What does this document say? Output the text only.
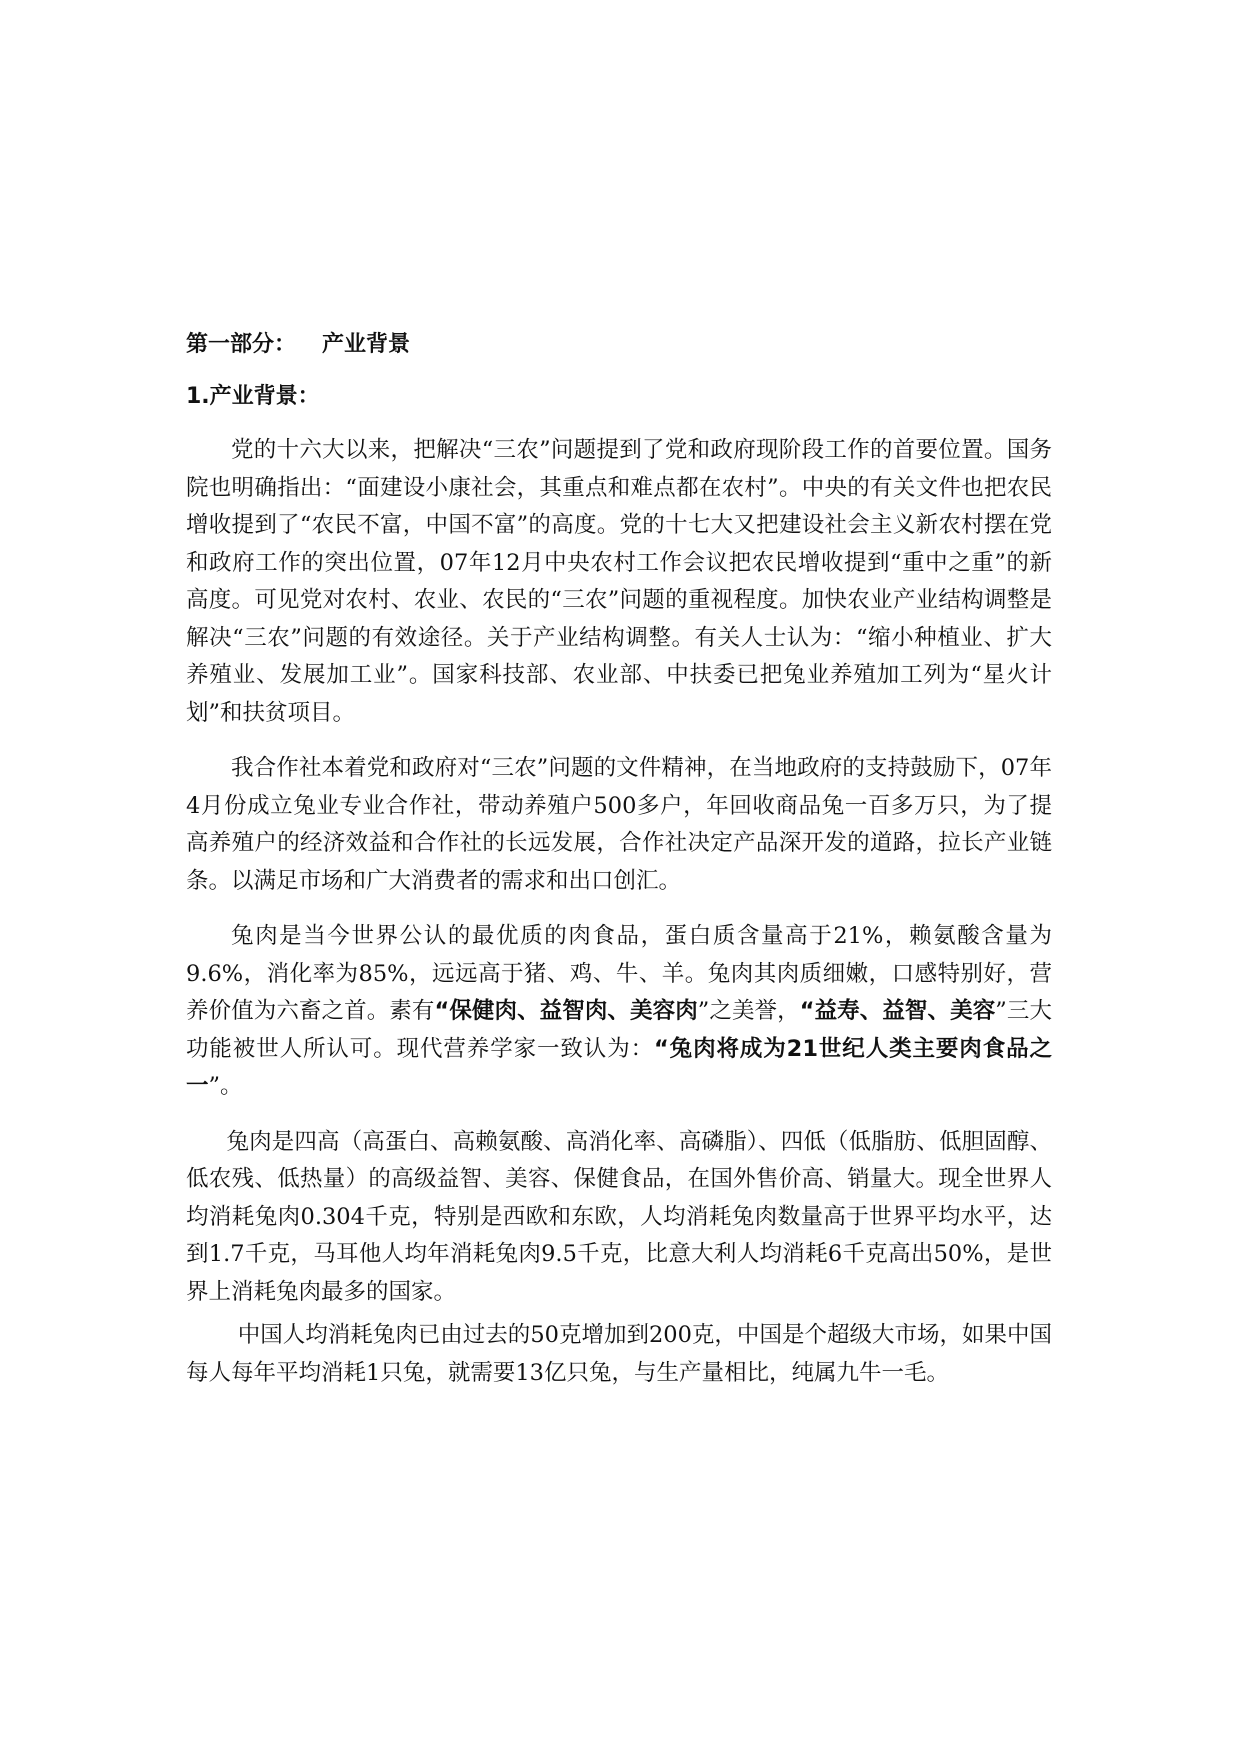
第一部分： 产业背景

1.产业背景：

党的十六大以来，把解决“三农”问题提到了党和政府现阶段工作的首要位置。国务院也明确指出：“面建设小康社会，其重点和难点都在农村”。中央的有关文件也把农民增收提到了“农民不富，中国不富”的高度。党的十七大又把建设社会主义新农村摆在党和政府工作的突出位置，07年12月中央农村工作会议把农民增收提到“重中之重”的新高度。可见党对农村、农业、农民的“三农”问题的重视程度。加快农业产业结构调整是解决“三农”问题的有效途径。关于产业结构调整。有关人士认为：“缩小种植业、扩大养殖业、发展加工业”。国家科技部、农业部、中扶委已把兔业养殖加工列为“星火计划”和扶贫项目。

我合作社本着党和政府对“三农”问题的文件精神，在当地政府的支持鼓励下，07年4月份成立兔业专业合作社，带动养殖户500多户，年回收商品兔一百多万只，为了提高养殖户的经济效益和合作社的长远发展，合作社决定产品深开发的道路，拉长产业链条。以满足市场和广大消费者的需求和出口创汇。

兔肉是当今世界公认的最优质的肉食品，蛋白质含量高于21%，赖氨酸含量为9.6%，消化率为85%，远远高于猪、鸡、牛、羊。兔肉其肉质细嫩，口感特别好，营养价值为六畜之首。素有“保健肉、益智肉、美容肉”之美誉，“益寿、益智、美容”三大功能被世人所认可。现代营养学家一致认为：“兔肉将成为21世纪人类主要肉食品之一”。

兔肉是四高（高蛋白、高赖氨酸、高消化率、高磷脂）、四低（低脂肪、低胆固醇、低农残、低热量）的高级益智、美容、保健食品，在国外售价高、销量大。现全世界人均消耗兔肉0.304千克，特别是西欧和东欧，人均消耗兔肉数量高于世界平均水平，达到1.7千克，马耳他人均年消耗兔肉9.5千克，比意大利人均消耗6千克高出50%，是世界上消耗兔肉最多的国家。

中国人均消耗兔肉已由过去的50克增加到200克，中国是个超级大市场，如果中国每人每年平均消耗1只兔，就需要13亿只兔，与生产量相比，纯属九牛一毛。
